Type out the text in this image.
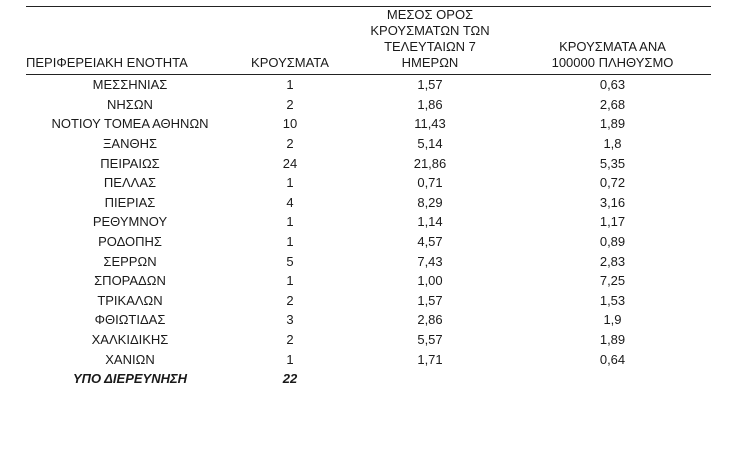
ΠΕΡΙΦΕΡΕΙΑΚΗ ΕΝΟΤΗΤΑ	ΚΡΟΥΣΜΑΤΑ	ΜΕΣΟΣ ΟΡΟΣ
ΚΡΟΥΣΜΑΤΩΝ ΤΩΝ
ΤΕΛΕΥΤΑΙΩΝ 7
ΗΜΕΡΩΝ	ΚΡΟΥΣΜΑΤΑ ΑΝΑ
100000 ΠΛΗΘΥΣΜΟ

ΜΕΣΣΗΝΙΑΣ	1	1,57	0,63
ΝΗΣΩΝ	2	1,86	2,68
ΝΟΤΙΟΥ ΤΟΜΕΑ ΑΘΗΝΩΝ	10	11,43	1,89
ΞΑΝΘΗΣ	2	5,14	1,8
ΠΕΙΡΑΙΩΣ	24	21,86	5,35
ΠΕΛΛΑΣ	1	0,71	0,72
ΠΙΕΡΙΑΣ	4	8,29	3,16
ΡΕΘΥΜΝΟΥ	1	1,14	1,17
ΡΟΔΟΠΗΣ	1	4,57	0,89
ΣΕΡΡΩΝ	5	7,43	2,83
ΣΠΟΡΑΔΩΝ	1	1,00	7,25
ΤΡΙΚΑΛΩΝ	2	1,57	1,53
ΦΘΙΩΤΙΔΑΣ	3	2,86	1,9
ΧΑΛΚΙΔΙΚΗΣ	2	5,57	1,89
ΧΑΝΙΩΝ	1	1,71	0,64
ΥΠΟ ΔΙΕΡΕΥΝΗΣΗ	22		
